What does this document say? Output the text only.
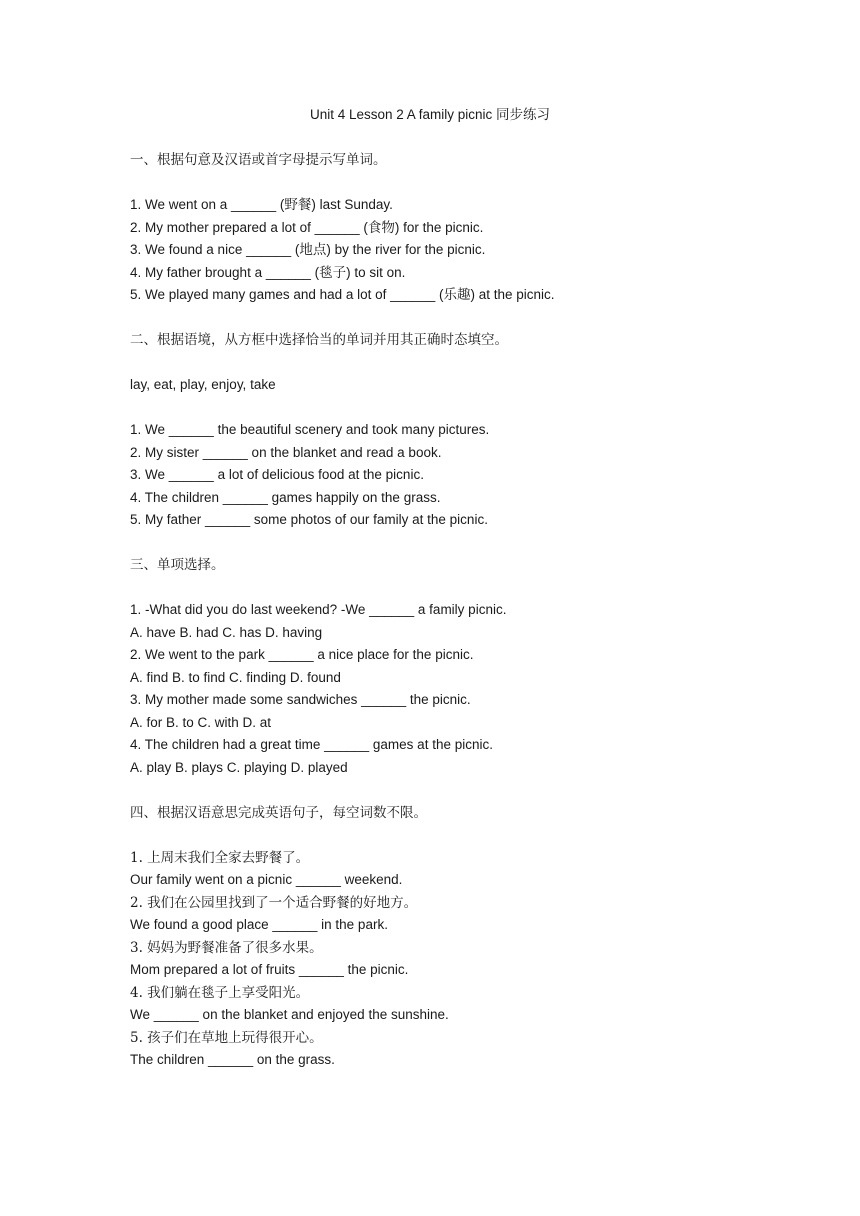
Unit 4 Lesson 2 A family picnic 同步练习
一、根据句意及汉语或首字母提示写单词。
1. We went on a ______ (野餐) last Sunday.
2. My mother prepared a lot of ______ (食物) for the picnic.
3. We found a nice ______ (地点) by the river for the picnic.
4. My father brought a ______ (毯子) to sit on.
5. We played many games and had a lot of ______ (乐趣) at the picnic.
二、根据语境，从方框中选择恰当的单词并用其正确时态填空。
lay, eat, play, enjoy, take
1. We ______ the beautiful scenery and took many pictures.
2. My sister ______ on the blanket and read a book.
3. We ______ a lot of delicious food at the picnic.
4. The children ______ games happily on the grass.
5. My father ______ some photos of our family at the picnic.
三、单项选择。
1. -What did you do last weekend? -We ______ a family picnic.
A. have B. had C. has D. having
2. We went to the park ______ a nice place for the picnic.
A. find B. to find C. finding D. found
3. My mother made some sandwiches ______ the picnic.
A. for B. to C. with D. at
4. The children had a great time ______ games at the picnic.
A. play B. plays C. playing D. played
四、根据汉语意思完成英语句子，每空词数不限。
1. 上周末我们全家去野餐了。
Our family went on a picnic ______ weekend.
2. 我们在公园里找到了一个适合野餐的好地方。
We found a good place ______ in the park.
3. 妈妈为野餐准备了很多水果。
Mom prepared a lot of fruits ______ the picnic.
4. 我们躺在毯子上享受阳光。
We ______ on the blanket and enjoyed the sunshine.
5. 孩子们在草地上玩得很开心。
The children ______ on the grass.
